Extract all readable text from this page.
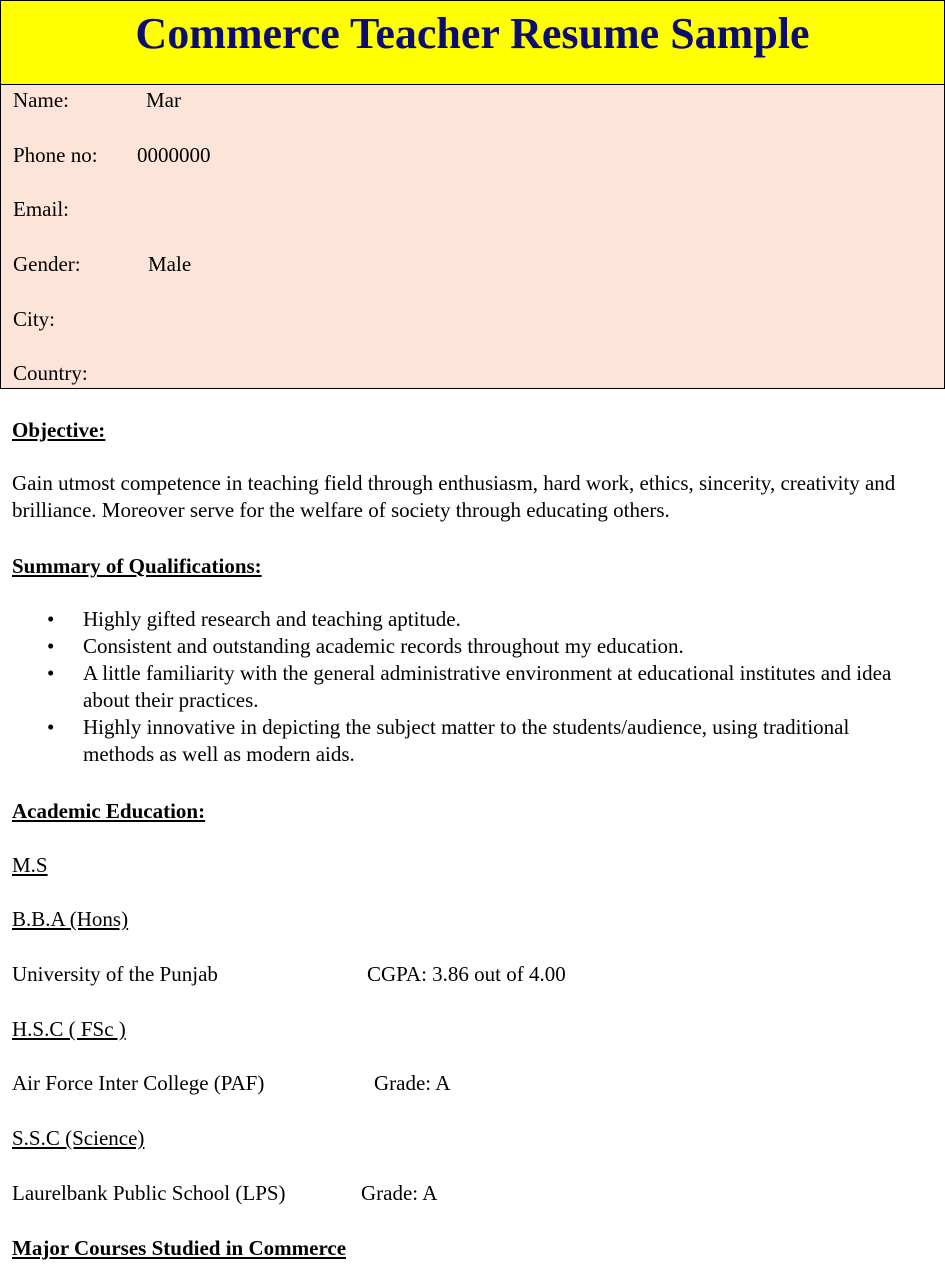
Commerce Teacher Resume Sample
Name:	Mar
Phone no: 0000000
Email:
Gender:	Male
City:
Country:
Objective:
Gain utmost competence in teaching field through enthusiasm, hard work, ethics, sincerity, creativity and brilliance. Moreover serve for the welfare of society through educating others.
Summary of Qualifications:
• Highly gifted research and teaching aptitude.
• Consistent and outstanding academic records throughout my education.
• A little familiarity with the general administrative environment at educational institutes and idea about their practices.
• Highly innovative in depicting the subject matter to the students/audience, using traditional methods as well as modern aids.
Academic Education:
M.S
B.B.A (Hons)
University of the Punjab	CGPA: 3.86 out of 4.00
H.S.C ( FSc )
Air Force Inter College (PAF)	Grade: A
S.S.C (Science)
Laurelbank Public School (LPS)	Grade: A
Major Courses Studied in Commerce
